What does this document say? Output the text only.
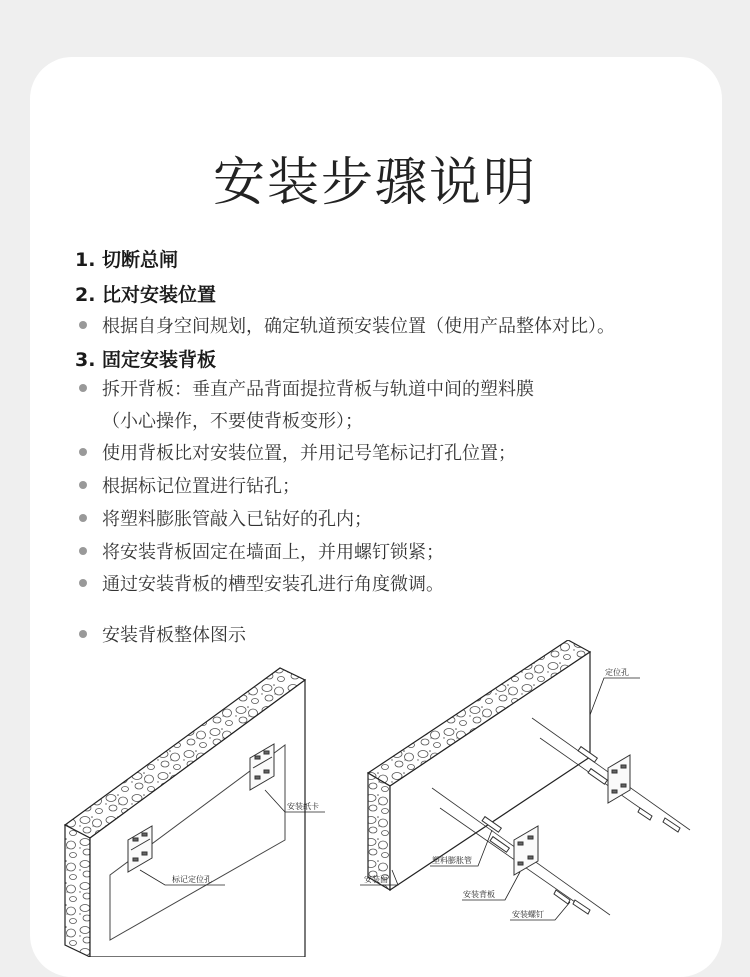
安装步骤说明
1. 切断总闸
2. 比对安装位置
根据自身空间规划，确定轨道预安装位置（使用产品整体对比）。
3. 固定安装背板
拆开背板：垂直产品背面提拉背板与轨道中间的塑料膜
（小心操作，不要使背板变形）；
使用背板比对安装位置，并用记号笔标记打孔位置；
根据标记位置进行钻孔；
将塑料膨胀管敲入已钻好的孔内；
将安装背板固定在墙面上，并用螺钉锁紧；
通过安装背板的槽型安装孔进行角度微调。
安装背板整体图示
安装纸卡
标记定位孔
定位孔
塑料膨胀管
安装面
安装背板
安装螺钉
